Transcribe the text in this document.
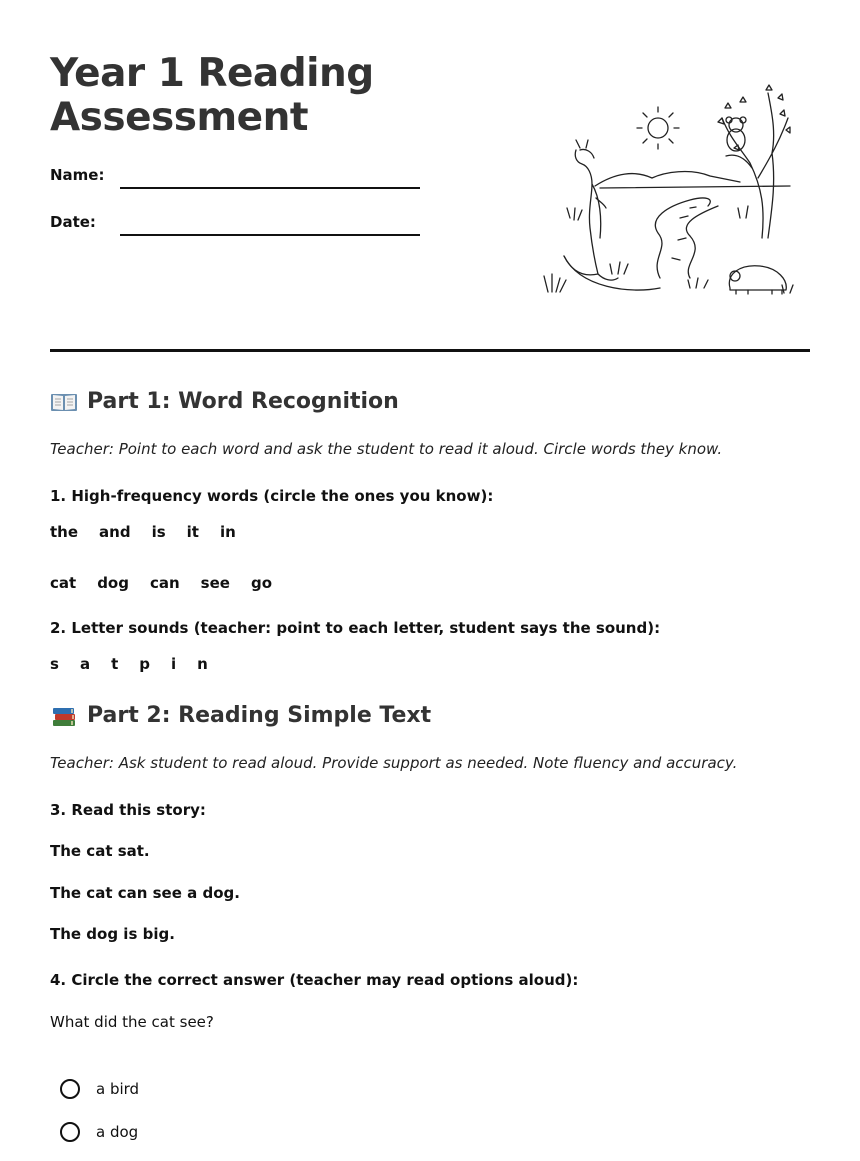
Year 1 Reading Assessment
Name:
Date:
Part 1: Word Recognition
Teacher: Point to each word and ask the student to read it aloud. Circle words they know.
1. High-frequency words (circle the ones you know):
the and is it in
cat dog can see go
2. Letter sounds (teacher: point to each letter, student says the sound):
s a t p i n
Part 2: Reading Simple Text
Teacher: Ask student to read aloud. Provide support as needed. Note fluency and accuracy.
3. Read this story:
The cat sat.
The cat can see a dog.
The dog is big.
4. Circle the correct answer (teacher may read options aloud):
What did the cat see?
a bird
a dog
